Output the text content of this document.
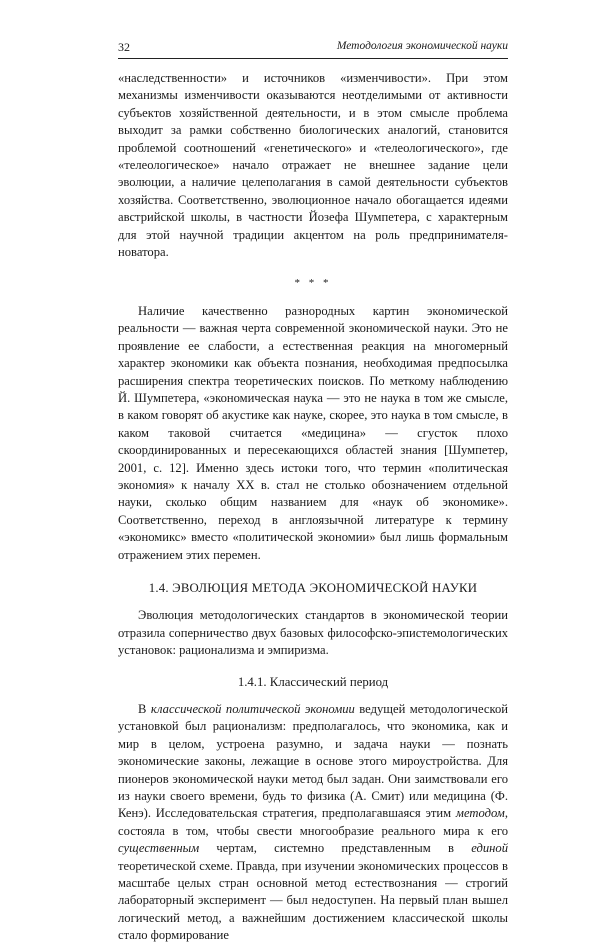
32	Методология экономической науки

«наследственности» и источников «изменчивости». При этом механизмы изменчивости оказываются неотделимыми от активности субъектов хозяйственной деятельности, и в этом смысле проблема выходит за рамки собственно биологических аналогий, становится проблемой соотношений «генетического» и «телеологического», где «телеологическое» начало отражает не внешнее задание цели эволюции, а наличие целеполагания в самой деятельности субъектов хозяйства. Соответственно, эволюционное начало обогащается идеями австрийской школы, в частности Йозефа Шумпетера, с характерным для этой научной традиции акцентом на роль предпринимателя-новатора.

* * *

Наличие качественно разнородных картин экономической реальности — важная черта современной экономической науки. Это не проявление ее слабости, а естественная реакция на многомерный характер экономики как объекта познания, необходимая предпосылка расширения спектра теоретических поисков. По меткому наблюдению Й. Шумпетера, «экономическая наука — это не наука в том же смысле, в каком говорят об акустике как науке, скорее, это наука в том смысле, в каком таковой считается «медицина» — сгусток плохо скоординированных и пересекающихся областей знания [Шумпетер, 2001, с. 12]. Именно здесь истоки того, что термин «политическая экономия» к началу XX в. стал не столько обозначением отдельной науки, сколько общим названием для «наук об экономике». Соответственно, переход в англоязычной литературе к термину «экономикс» вместо «политической экономии» был лишь формальным отражением этих перемен.

1.4. ЭВОЛЮЦИЯ МЕТОДА ЭКОНОМИЧЕСКОЙ НАУКИ

Эволюция методологических стандартов в экономической теории отразила соперничество двух базовых философско-эпистемологических установок: рационализма и эмпиризма.

1.4.1. Классический период

В классической политической экономии ведущей методологической установкой был рационализм: предполагалось, что экономика, как и мир в целом, устроена разумно, и задача науки — познать экономические законы, лежащие в основе этого мироустройства. Для пионеров экономической науки метод был задан. Они заимствовали его из науки своего времени, будь то физика (А. Смит) или медицина (Ф. Кенэ). Исследовательская стратегия, предполагавшаяся этим методом, состояла в том, чтобы свести многообразие реального мира к его существенным чертам, системно представленным в единой теоретической схеме. Правда, при изучении экономических процессов в масштабе целых стран основной метод естествознания — строгий лабораторный эксперимент — был недоступен. На первый план вышел логический метод, а важнейшим достижением классической школы стало формирование
